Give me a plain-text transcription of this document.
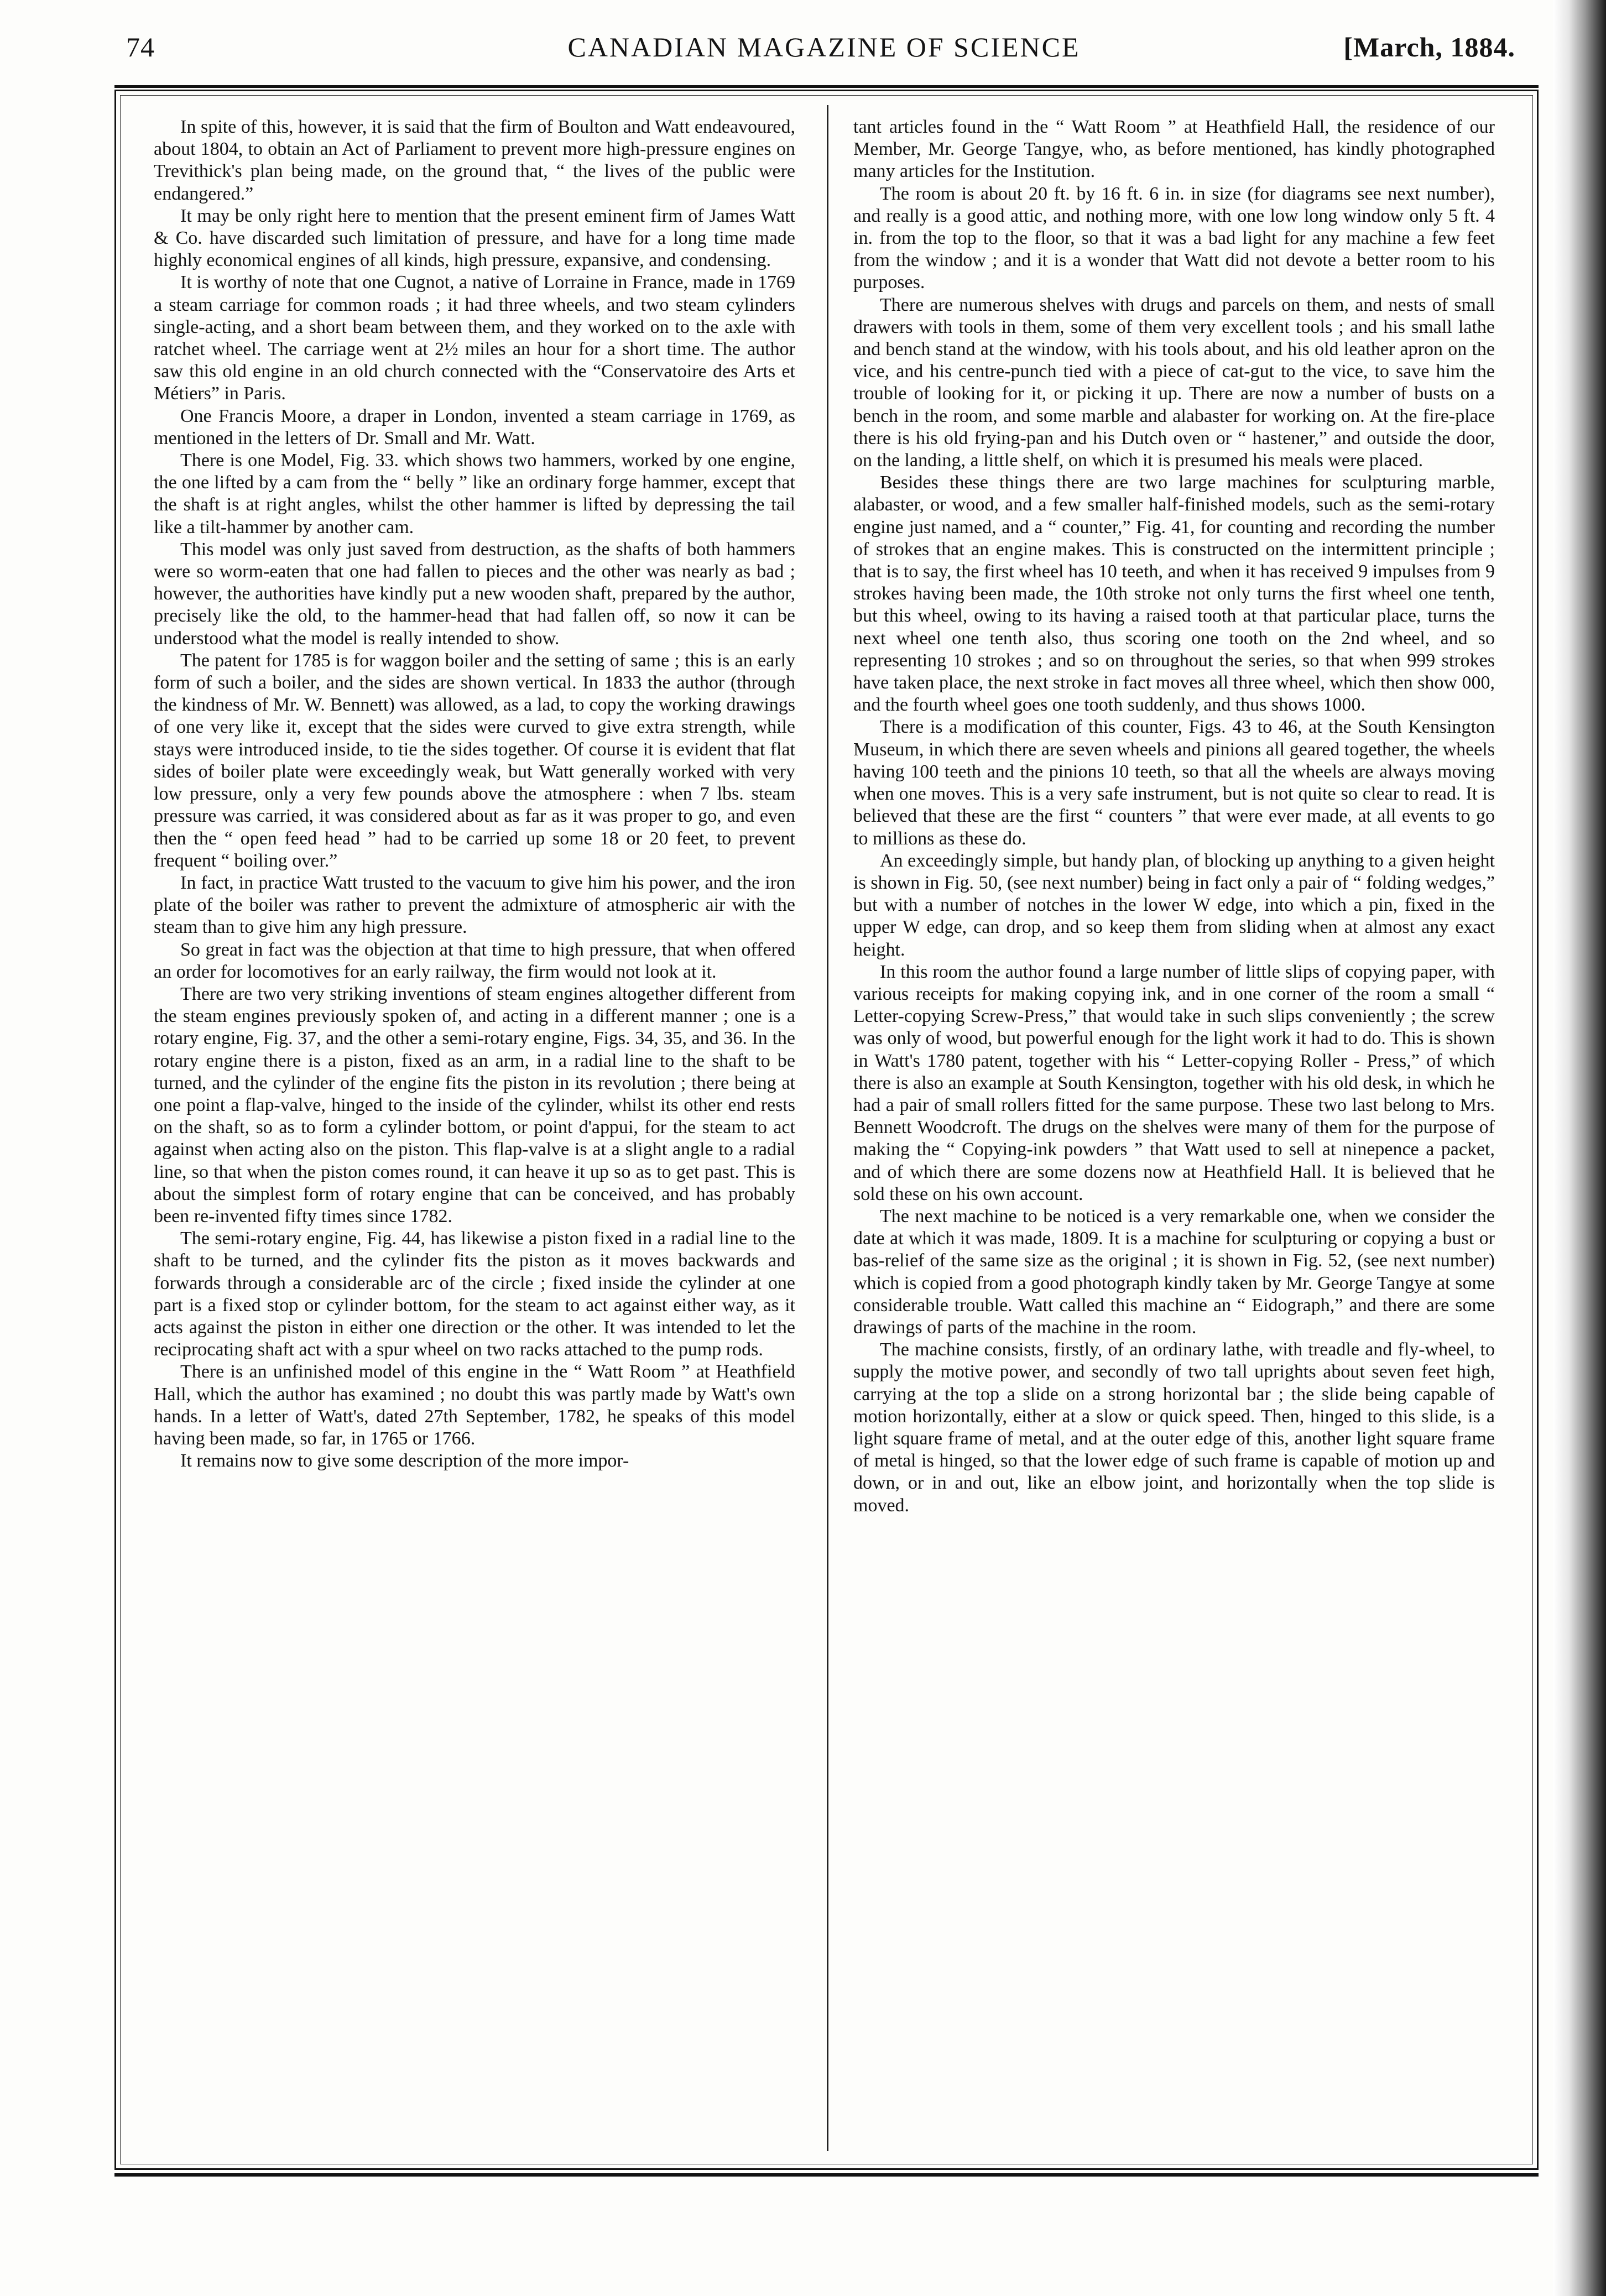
74	CANADIAN MAGAZINE OF SCIENCE	[March, 1884.

In spite of this, however, it is said that the firm of Boulton and Watt endeavoured, about 1804, to obtain an Act of Parliament to prevent more high-pressure engines on Trevithick's plan being made, on the ground that, “ the lives of the public were endangered.”

It may be only right here to mention that the present eminent firm of James Watt & Co. have discarded such limitation of pressure, and have for a long time made highly economical engines of all kinds, high pressure, expansive, and condensing.

It is worthy of note that one Cugnot, a native of Lorraine in France, made in 1769 a steam carriage for common roads ; it had three wheels, and two steam cylinders single-acting, and a short beam between them, and they worked on to the axle with ratchet wheel. The carriage went at 2½ miles an hour for a short time. The author saw this old engine in an old church connected with the “Conservatoire des Arts et Métiers” in Paris.

One Francis Moore, a draper in London, invented a steam carriage in 1769, as mentioned in the letters of Dr. Small and Mr. Watt.

There is one Model, Fig. 33. which shows two hammers, worked by one engine, the one lifted by a cam from the “ belly ” like an ordinary forge hammer, except that the shaft is at right angles, whilst the other hammer is lifted by depressing the tail like a tilt-hammer by another cam.

This model was only just saved from destruction, as the shafts of both hammers were so worm-eaten that one had fallen to pieces and the other was nearly as bad ; however, the authorities have kindly put a new wooden shaft, prepared by the author, precisely like the old, to the hammer-head that had fallen off, so now it can be understood what the model is really intended to show.

The patent for 1785 is for waggon boiler and the setting of same ; this is an early form of such a boiler, and the sides are shown vertical. In 1833 the author (through the kindness of Mr. W. Bennett) was allowed, as a lad, to copy the working drawings of one very like it, except that the sides were curved to give extra strength, while stays were introduced inside, to tie the sides together. Of course it is evident that flat sides of boiler plate were exceedingly weak, but Watt generally worked with very low pressure, only a very few pounds above the atmosphere : when 7 lbs. steam pressure was carried, it was considered about as far as it was proper to go, and even then the “ open feed head ” had to be carried up some 18 or 20 feet, to prevent frequent “ boiling over.”

In fact, in practice Watt trusted to the vacuum to give him his power, and the iron plate of the boiler was rather to prevent the admixture of atmospheric air with the steam than to give him any high pressure.

So great in fact was the objection at that time to high pressure, that when offered an order for locomotives for an early railway, the firm would not look at it.

There are two very striking inventions of steam engines altogether different from the steam engines previously spoken of, and acting in a different manner ; one is a rotary engine, Fig. 37, and the other a semi-rotary engine, Figs. 34, 35, and 36. In the rotary engine there is a piston, fixed as an arm, in a radial line to the shaft to be turned, and the cylinder of the engine fits the piston in its revolution ; there being at one point a flap-valve, hinged to the inside of the cylinder, whilst its other end rests on the shaft, so as to form a cylinder bottom, or point d'appui, for the steam to act against when acting also on the piston. This flap-valve is at a slight angle to a radial line, so that when the piston comes round, it can heave it up so as to get past. This is about the simplest form of rotary engine that can be conceived, and has probably been re-invented fifty times since 1782.

The semi-rotary engine, Fig. 44, has likewise a piston fixed in a radial line to the shaft to be turned, and the cylinder fits the piston as it moves backwards and forwards through a considerable arc of the circle ; fixed inside the cylinder at one part is a fixed stop or cylinder bottom, for the steam to act against either way, as it acts against the piston in either one direction or the other. It was intended to let the reciprocating shaft act with a spur wheel on two racks attached to the pump rods.

There is an unfinished model of this engine in the “ Watt Room ” at Heathfield Hall, which the author has examined ; no doubt this was partly made by Watt's own hands. In a letter of Watt's, dated 27th September, 1782, he speaks of this model having been made, so far, in 1765 or 1766.

It remains now to give some description of the more impor-

tant articles found in the “ Watt Room ” at Heathfield Hall, the residence of our Member, Mr. George Tangye, who, as before mentioned, has kindly photographed many articles for the Institution.

The room is about 20 ft. by 16 ft. 6 in. in size (for diagrams see next number), and really is a good attic, and nothing more, with one low long window only 5 ft. 4 in. from the top to the floor, so that it was a bad light for any machine a few feet from the window ; and it is a wonder that Watt did not devote a better room to his purposes.

There are numerous shelves with drugs and parcels on them, and nests of small drawers with tools in them, some of them very excellent tools ; and his small lathe and bench stand at the window, with his tools about, and his old leather apron on the vice, and his centre-punch tied with a piece of cat-gut to the vice, to save him the trouble of looking for it, or picking it up. There are now a number of busts on a bench in the room, and some marble and alabaster for working on. At the fire-place there is his old frying-pan and his Dutch oven or “ hastener,” and outside the door, on the landing, a little shelf, on which it is presumed his meals were placed.

Besides these things there are two large machines for sculpturing marble, alabaster, or wood, and a few smaller half-finished models, such as the semi-rotary engine just named, and a “ counter,” Fig. 41, for counting and recording the number of strokes that an engine makes. This is constructed on the intermittent principle ; that is to say, the first wheel has 10 teeth, and when it has received 9 impulses from 9 strokes having been made, the 10th stroke not only turns the first wheel one tenth, but this wheel, owing to its having a raised tooth at that particular place, turns the next wheel one tenth also, thus scoring one tooth on the 2nd wheel, and so representing 10 strokes ; and so on throughout the series, so that when 999 strokes have taken place, the next stroke in fact moves all three wheel, which then show 000, and the fourth wheel goes one tooth suddenly, and thus shows 1000.

There is a modification of this counter, Figs. 43 to 46, at the South Kensington Museum, in which there are seven wheels and pinions all geared together, the wheels having 100 teeth and the pinions 10 teeth, so that all the wheels are always moving when one moves. This is a very safe instrument, but is not quite so clear to read. It is believed that these are the first “ counters ” that were ever made, at all events to go to millions as these do.

An exceedingly simple, but handy plan, of blocking up anything to a given height is shown in Fig. 50, (see next number) being in fact only a pair of “ folding wedges,” but with a number of notches in the lower W edge, into which a pin, fixed in the upper W edge, can drop, and so keep them from sliding when at almost any exact height.

In this room the author found a large number of little slips of copying paper, with various receipts for making copying ink, and in one corner of the room a small “ Letter-copying Screw-Press,” that would take in such slips conveniently ; the screw was only of wood, but powerful enough for the light work it had to do. This is shown in Watt's 1780 patent, together with his “ Letter-copying Roller - Press,” of which there is also an example at South Kensington, together with his old desk, in which he had a pair of small rollers fitted for the same purpose. These two last belong to Mrs. Bennett Woodcroft. The drugs on the shelves were many of them for the purpose of making the “ Copying-ink powders ” that Watt used to sell at ninepence a packet, and of which there are some dozens now at Heathfield Hall. It is believed that he sold these on his own account.

The next machine to be noticed is a very remarkable one, when we consider the date at which it was made, 1809. It is a machine for sculpturing or copying a bust or bas-relief of the same size as the original ; it is shown in Fig. 52, (see next number) which is copied from a good photograph kindly taken by Mr. George Tangye at some considerable trouble. Watt called this machine an “ Eidograph,” and there are some drawings of parts of the machine in the room.

The machine consists, firstly, of an ordinary lathe, with treadle and fly-wheel, to supply the motive power, and secondly of two tall uprights about seven feet high, carrying at the top a slide on a strong horizontal bar ; the slide being capable of motion horizontally, either at a slow or quick speed. Then, hinged to this slide, is a light square frame of metal, and at the outer edge of this, another light square frame of metal is hinged, so that the lower edge of such frame is capable of motion up and down, or in and out, like an elbow joint, and horizontally when the top slide is moved.
